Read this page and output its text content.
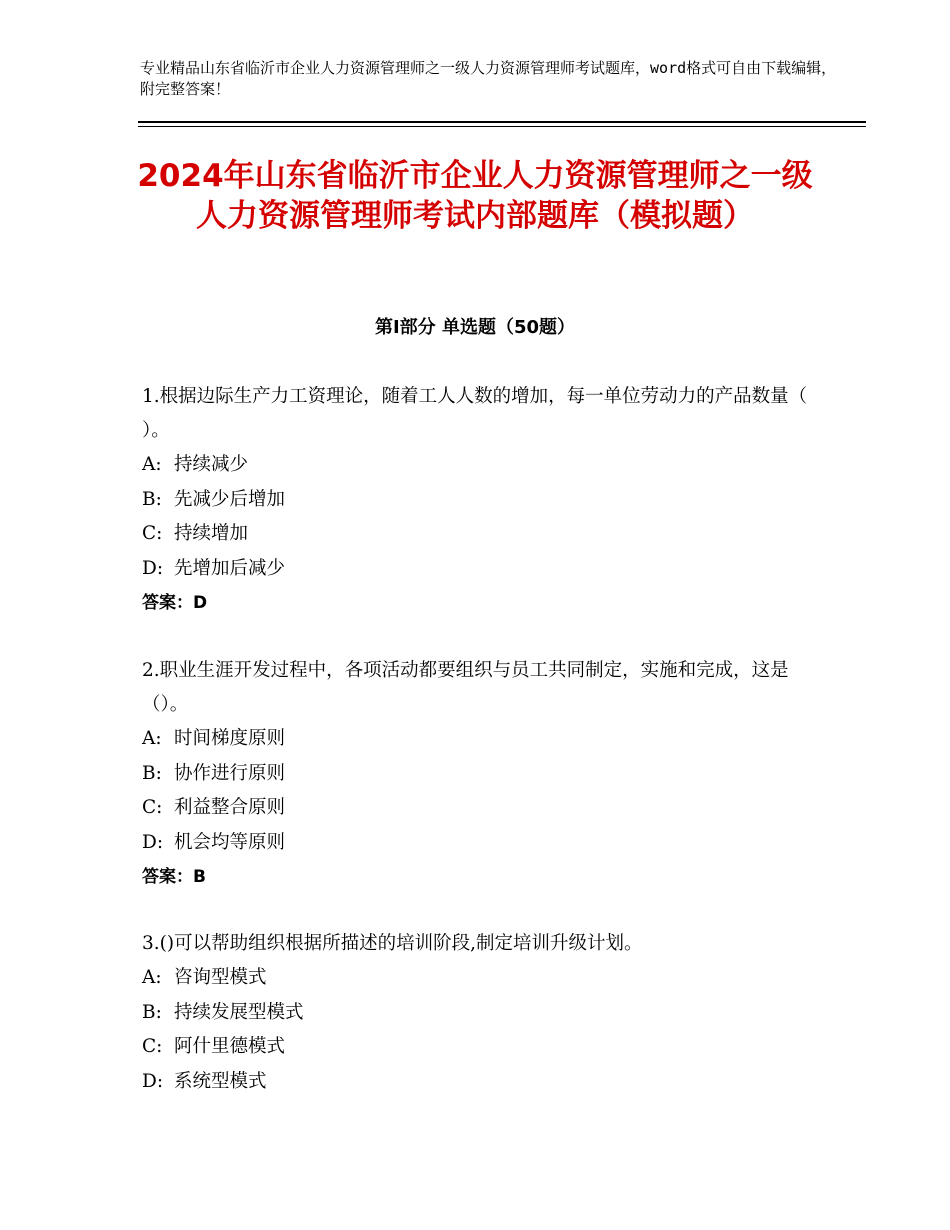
专业精品山东省临沂市企业人力资源管理师之一级人力资源管理师考试题库，word格式可自由下载编辑，附完整答案！
2024年山东省临沂市企业人力资源管理师之一级人力资源管理师考试内部题库（模拟题）
第Ⅰ部分 单选题（50题）

1.根据边际生产力工资理论，随着工人人数的增加，每一单位劳动力的产品数量（ ）。

A: 持续减少

B: 先减少后增加

C: 持续增加

D: 先增加后减少

答案：D

2.职业生涯开发过程中，各项活动都要组织与员工共同制定，实施和完成，这是（）。

A: 时间梯度原则

B: 协作进行原则

C: 利益整合原则

D: 机会均等原则

答案：B

3.()可以帮助组织根据所描述的培训阶段,制定培训升级计划。

A: 咨询型模式

B: 持续发展型模式

C: 阿什里德模式

D: 系统型模式
